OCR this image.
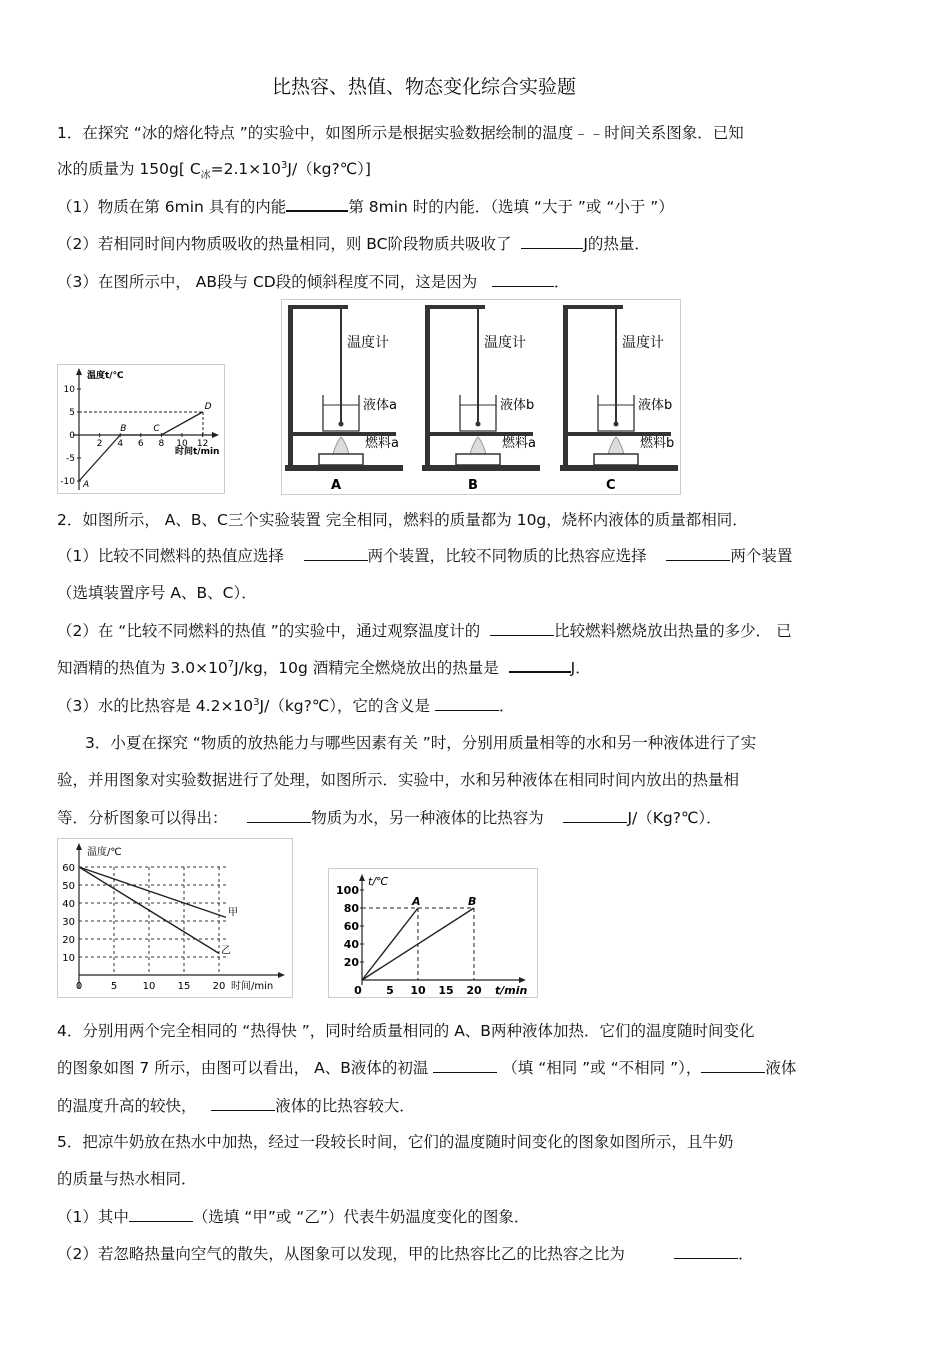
比热容、热值、物态变化综合实验题
1．在探究 “冰的熔化特点 ”的实验中，如图所示是根据实验数据绘制的温度﹣﹣时间关系图象．已知
冰的质量为 150g[ $C_冰=2.1\times 10^3J/(kg?℃)$]
（1）物质在第 6min 具有的内能	第 8min 时的内能．（选填 “大于 ”或 “小于 ”）
（2）若相同时间内物质吸收的热量相同，则 BC阶段物质共吸收了	J的热量．
（3）在图所示中， AB段与 CD段的倾斜程度不同，这是因为	．
温度t/℃
时间t/min
10
5
0
-5
-10
2 4 6 8 10 12
A
B	C
D
温度计
液体a
燃料a
A
温度计
液体b
燃料a
B
温度计
液体b
燃料b
C
2．如图所示， A、B、C三个实验装置 完全相同，燃料的质量都为 10g，烧杯内液体的质量都相同．
（1）比较不同燃料的热值应选择	两个装置，比较不同物质的比热容应选择	两个装置
（选填装置序号 A、B、C）．
（2）在 “比较不同燃料的热值 ”的实验中，通过观察温度计的	比较燃料燃烧放出热量的多少． 已
知酒精的热值为 $3.0\times 10^7J/kg$，10g 酒精完全燃烧放出的热量是	J．
（3）水的比热容是 $4.2\times 10^3J/(kg?℃)$，它的含义是	．
3．小夏在探究 “物质的放热能力与哪些因素有关 ”时，分别用质量相等的水和另一种液体进行了实
验，并用图象对实验数据进行了处理，如图所示．实验中，水和另种液体在相同时间内放出的热量相
等．分析图象可以得出：	物质为水，另一种液体的比热容为	J/（Kg?℃）．
温度/℃
时间/min
60
50
40
30
20
10
0	5	10 15 20
甲
乙
t/℃
t/min
100
80
60
40
20
0 5 10 15 20
A	B
4．分别用两个完全相同的 “热得快 ”，同时给质量相同的 A、B两种液体加热．它们的温度随时间变化
的图象如图 7 所示，由图可以看出， A、B液体的初温	（填 “相同 ”或 “不相同 ”），	液体
的温度升高的较快，	液体的比热容较大．
5．把凉牛奶放在热水中加热，经过一段较长时间，它们的温度随时间变化的图象如图所示，且牛奶
的质量与热水相同．
（1）其中	（选填 “甲”或 “乙”）代表牛奶温度变化的图象．
（2）若忽略热量向空气的散失，从图象可以发现，甲的比热容比乙的比热容之比为	．
